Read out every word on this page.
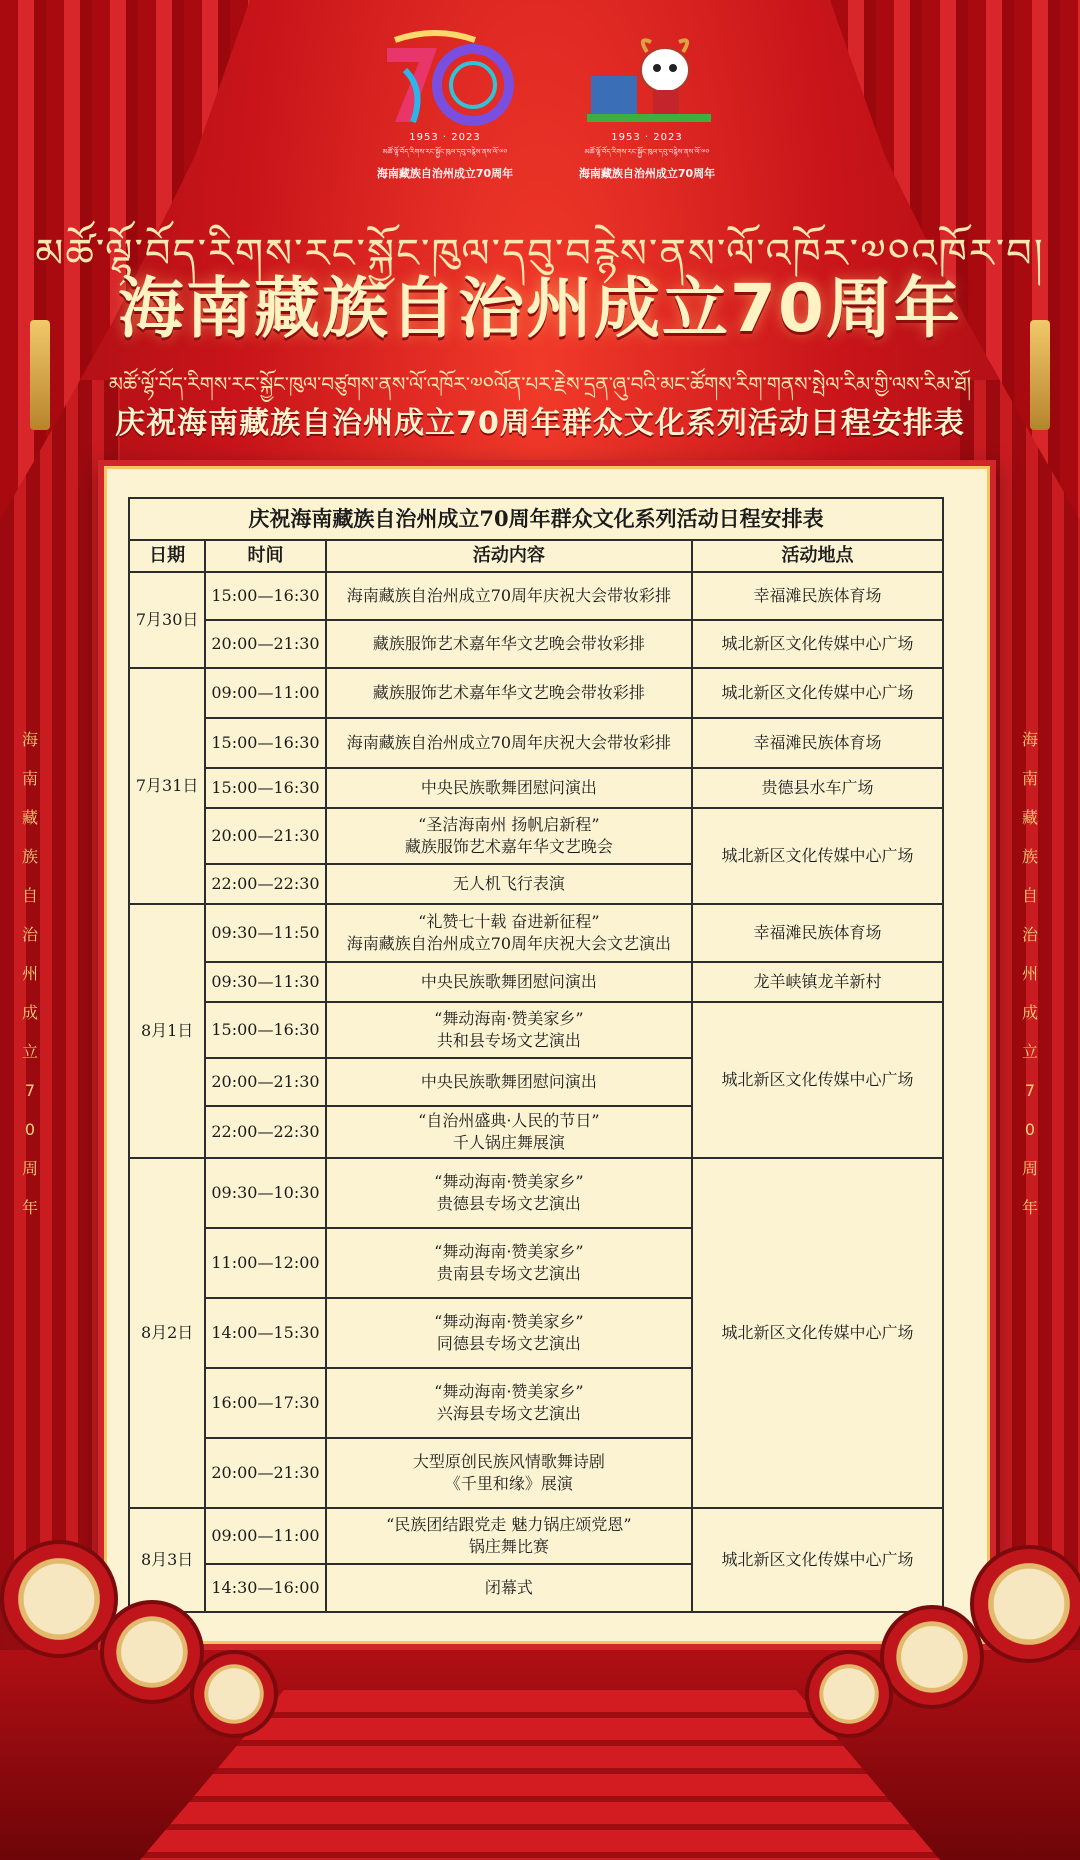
1953 · 2023
མཚོ་ལྷོ་བོད་རིགས་རང་སྐྱོང་ཁུལ་དབུ་བརྙེས་ནས་ལོ་༧༠
海南藏族自治州成立70周年
1953 · 2023
མཚོ་ལྷོ་བོད་རིགས་རང་སྐྱོང་ཁུལ་དབུ་བརྙེས་ནས་ལོ་༧༠
海南藏族自治州成立70周年
མཚོ་ལྷོ་བོད་རིགས་རང་སྐྱོང་ཁུལ་དབུ་བརྙེས་ནས་ལོ་འཁོར་༧༠འཁོར་བ།
海南藏族自治州成立70周年
མཚོ་ལྷོ་བོད་རིགས་རང་སྐྱོང་ཁུལ་བཙུགས་ནས་ལོ་འཁོར་༧༠ལོན་པར་རྗེས་དྲན་ཞུ་བའི་མང་ཚོགས་རིག་གནས་སྤེལ་རིམ་གྱི་ལས་རིམ་ཐོ།
庆祝海南藏族自治州成立70周年群众文化系列活动日程安排表
海
南
藏
族
自
治
州
成
立
7
0
周
年
海
南
藏
族
自
治
州
成
立
7
0
周
年
庆祝海南藏族自治州成立70周年群众文化系列活动日程安排表
日期	时间	活动内容	活动地点
7月30日	15:00—16:30	海南藏族自治州成立70周年庆祝大会带妆彩排	幸福滩民族体育场
	20:00—21:30	藏族服饰艺术嘉年华文艺晚会带妆彩排	城北新区文化传媒中心广场
7月31日	09:00—11:00	藏族服饰艺术嘉年华文艺晚会带妆彩排	城北新区文化传媒中心广场
	15:00—16:30	海南藏族自治州成立70周年庆祝大会带妆彩排	幸福滩民族体育场
	15:00—16:30	中央民族歌舞团慰问演出	贵德县水车广场
	20:00—21:30	“圣洁海南州 扬帆启新程”
藏族服饰艺术嘉年华文艺晚会	城北新区文化传媒中心广场
	22:00—22:30	无人机飞行表演	

8月1日	09:30—11:50	“礼赞七十载 奋进新征程”
海南藏族自治州成立70周年庆祝大会文艺演出	幸福滩民族体育场
	09:30—11:30	中央民族歌舞团慰问演出	龙羊峡镇龙羊新村
	15:00—16:30	“舞动海南·赞美家乡”
共和县专场文艺演出	城北新区文化传媒中心广场
	20:00—21:30	中央民族歌舞团慰问演出	

	22:00—22:30	“自治州盛典·人民的节日”
千人锅庄舞展演	

8月2日	09:30—10:30	“舞动海南·赞美家乡”
贵德县专场文艺演出	城北新区文化传媒中心广场
	11:00—12:00	“舞动海南·赞美家乡”
贵南县专场文艺演出	

	14:00—15:30	“舞动海南·赞美家乡”
同德县专场文艺演出	

	16:00—17:30	“舞动海南·赞美家乡”
兴海县专场文艺演出	

	20:00—21:30	大型原创民族风情歌舞诗剧
《千里和缘》展演	

8月3日	09:00—11:00	“民族团结跟党走 魅力锅庄颂党恩”
锅庄舞比赛	城北新区文化传媒中心广场
	14:30—16:00	闭幕式	
